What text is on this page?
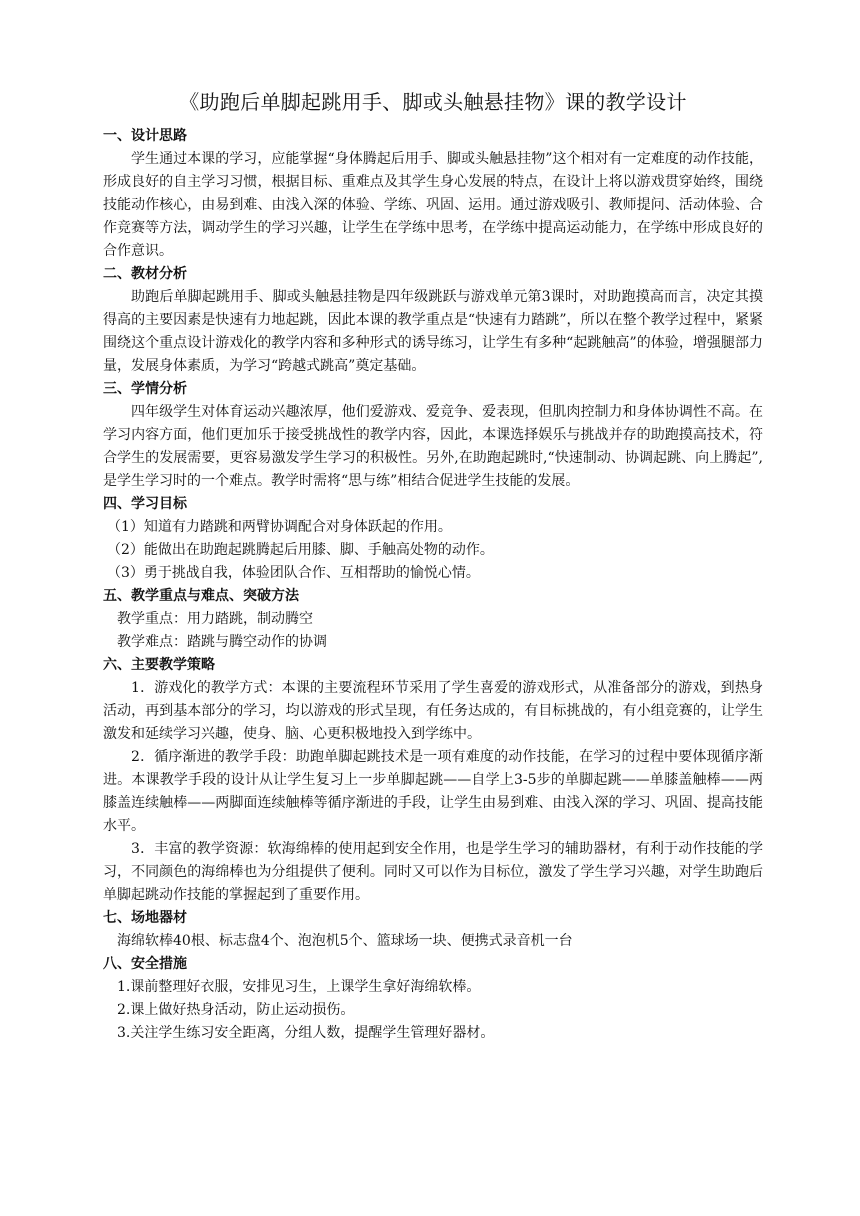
《助跑后单脚起跳用手、脚或头触悬挂物》课的教学设计
一、设计思路

学生通过本课的学习，应能掌握“身体腾起后用手、脚或头触悬挂物”这个相对有一定难度的动作技能，形成良好的自主学习习惯，根据目标、重难点及其学生身心发展的特点，在设计上将以游戏贯穿始终，围绕技能动作核心，由易到难、由浅入深的体验、学练、巩固、运用。通过游戏吸引、教师提问、活动体验、合作竞赛等方法，调动学生的学习兴趣，让学生在学练中思考，在学练中提高运动能力，在学练中形成良好的合作意识。

二、教材分析

助跑后单脚起跳用手、脚或头触悬挂物是四年级跳跃与游戏单元第3课时，对助跑摸高而言，决定其摸得高的主要因素是快速有力地起跳，因此本课的教学重点是“快速有力踏跳”，所以在整个教学过程中，紧紧围绕这个重点设计游戏化的教学内容和多种形式的诱导练习，让学生有多种“起跳触高”的体验，增强腿部力量，发展身体素质，为学习“跨越式跳高”奠定基础。

三、学情分析

四年级学生对体育运动兴趣浓厚，他们爱游戏、爱竞争、爱表现，但肌肉控制力和身体协调性不高。在学习内容方面，他们更加乐于接受挑战性的教学内容，因此，本课选择娱乐与挑战并存的助跑摸高技术，符合学生的发展需要，更容易激发学生学习的积极性。另外,在助跑起跳时,“快速制动、协调起跳、向上腾起”,是学生学习时的一个难点。教学时需将“思与练”相结合促进学生技能的发展。

四、学习目标

（1）知道有力踏跳和两臂协调配合对身体跃起的作用。

（2）能做出在助跑起跳腾起后用膝、脚、手触高处物的动作。

（3）勇于挑战自我，体验团队合作、互相帮助的愉悦心情。

五、教学重点与难点、突破方法

教学重点：用力踏跳，制动腾空

教学难点：踏跳与腾空动作的协调

六、主要教学策略

1．游戏化的教学方式：本课的主要流程环节采用了学生喜爱的游戏形式，从准备部分的游戏，到热身活动，再到基本部分的学习，均以游戏的形式呈现，有任务达成的，有目标挑战的，有小组竞赛的，让学生激发和延续学习兴趣，使身、脑、心更积极地投入到学练中。

2．循序渐进的教学手段：助跑单脚起跳技术是一项有难度的动作技能，在学习的过程中要体现循序渐进。本课教学手段的设计从让学生复习上一步单脚起跳——自学上3-5步的单脚起跳——单膝盖触棒——两膝盖连续触棒——两脚面连续触棒等循序渐进的手段，让学生由易到难、由浅入深的学习、巩固、提高技能水平。

3．丰富的教学资源：软海绵棒的使用起到安全作用，也是学生学习的辅助器材，有利于动作技能的学习，不同颜色的海绵棒也为分组提供了便利。同时又可以作为目标位，激发了学生学习兴趣，对学生助跑后单脚起跳动作技能的掌握起到了重要作用。

七、场地器材

海绵软棒40根、标志盘4个、泡泡机5个、篮球场一块、便携式录音机一台

八、安全措施

1.课前整理好衣服，安排见习生，上课学生拿好海绵软棒。

2.课上做好热身活动，防止运动损伤。

3.关注学生练习安全距离，分组人数，提醒学生管理好器材。
